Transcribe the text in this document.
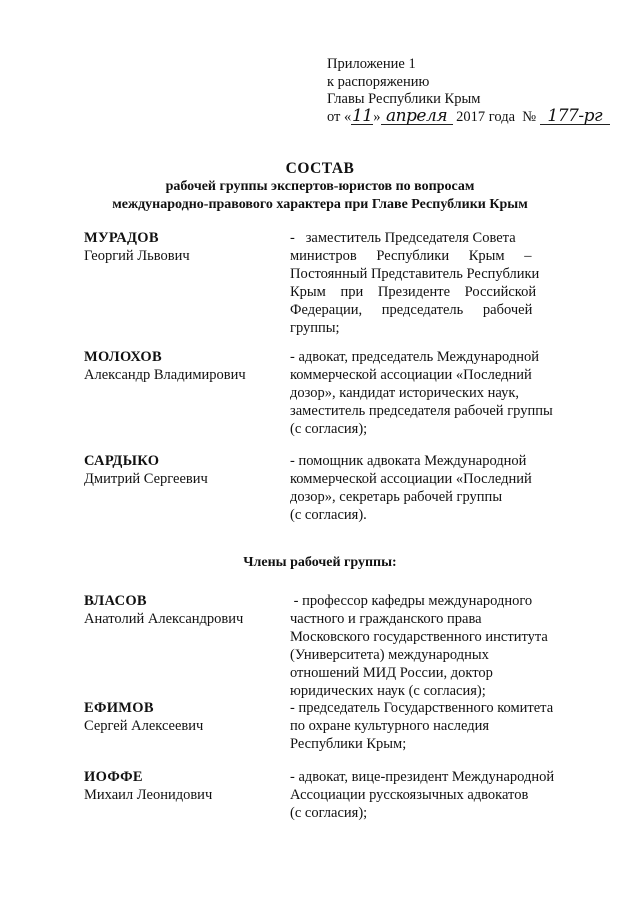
Приложение 1
к распоряжению
Главы Республики Крым
от «11» апреля 2017 года № 177-рг
СОСТАВ
рабочей группы экспертов-юристов по вопросам
международно-правового характера при Главе Республики Крым
МУРАДОВ
Георгий Львович
-   заместитель Председателя Совета
министров Республики Крым –
Постоянный Представитель Республики
Крым при Президенте Российской
Федерации, председатель рабочей
группы;
МОЛОХОВ
Александр Владимирович
- адвокат, председатель Международной
коммерческой ассоциации «Последний
дозор», кандидат исторических наук,
заместитель председателя рабочей группы
(с согласия);
САРДЫКО
Дмитрий Сергеевич
- помощник адвоката Международной
коммерческой ассоциации «Последний
дозор», секретарь рабочей группы
(с согласия).
Члены рабочей группы:
ВЛАСОВ
Анатолий Александрович
- профессор кафедры международного
частного и гражданского права
Московского государственного института
(Университета) международных
отношений МИД России, доктор
юридических наук (с согласия);
ЕФИМОВ
Сергей Алексеевич
- председатель Государственного комитета
по охране культурного наследия
Республики Крым;
ИОФФЕ
Михаил Леонидович
- адвокат, вице-президент Международной
Ассоциации русскоязычных адвокатов
(с согласия);
